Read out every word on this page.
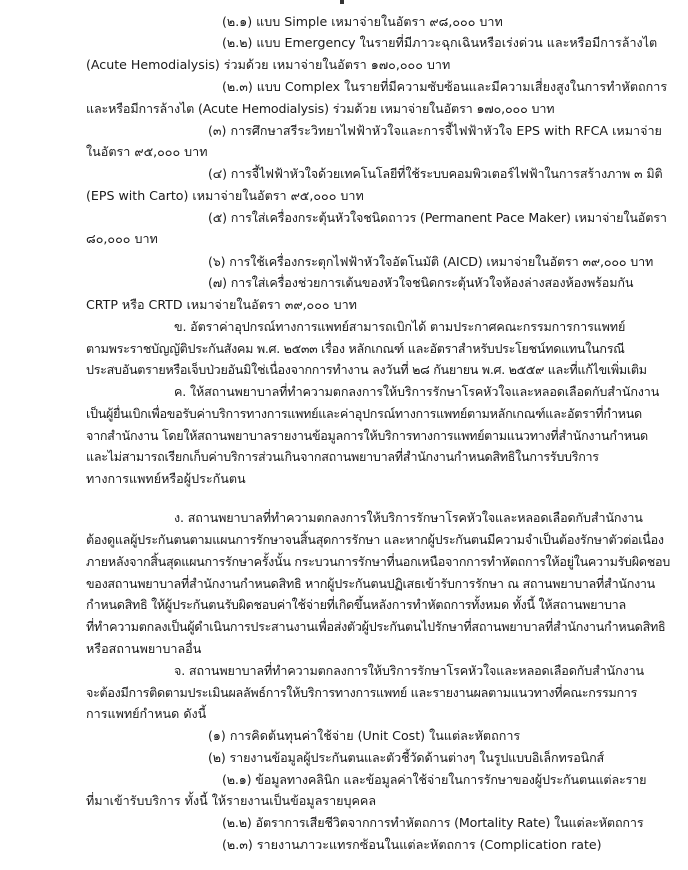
(๒.๑) แบบ Simple เหมาจ่ายในอัตรา ๙๘,๐๐๐ บาท
(๒.๒) แบบ Emergency ในรายที่มีภาวะฉุกเฉินหรือเร่งด่วน และหรือมีการล้างไต
(Acute Hemodialysis) ร่วมด้วย เหมาจ่ายในอัตรา ๑๗๐,๐๐๐ บาท
(๒.๓) แบบ Complex ในรายที่มีความซับซ้อนและมีความเสี่ยงสูงในการทำหัตถการ
และหรือมีการล้างไต (Acute Hemodialysis) ร่วมด้วย เหมาจ่ายในอัตรา ๑๗๐,๐๐๐ บาท
(๓) การศึกษาสรีระวิทยาไฟฟ้าหัวใจและการจี้ไฟฟ้าหัวใจ EPS with RFCA เหมาจ่าย
ในอัตรา ๙๕,๐๐๐ บาท
(๔) การจี้ไฟฟ้าหัวใจด้วยเทคโนโลยีที่ใช้ระบบคอมพิวเตอร์ไฟฟ้าในการสร้างภาพ ๓ มิติ
(EPS with Carto) เหมาจ่ายในอัตรา ๙๕,๐๐๐ บาท
(๕) การใส่เครื่องกระตุ้นหัวใจชนิดถาวร (Permanent Pace Maker) เหมาจ่ายในอัตรา
๘๐,๐๐๐ บาท
(๖) การใช้เครื่องกระตุกไฟฟ้าหัวใจอัตโนมัติ (AICD) เหมาจ่ายในอัตรา ๓๙,๐๐๐ บาท
(๗) การใส่เครื่องช่วยการเต้นของหัวใจชนิดกระตุ้นหัวใจห้องล่างสองห้องพร้อมกัน
CRTP หรือ CRTD เหมาจ่ายในอัตรา ๓๙,๐๐๐ บาท
ข. อัตราค่าอุปกรณ์ทางการแพทย์สามารถเบิกได้ ตามประกาศคณะกรรมการการแพทย์
ตามพระราชบัญญัติประกันสังคม พ.ศ. ๒๕๓๓ เรื่อง หลักเกณฑ์ และอัตราสำหรับประโยชน์ทดแทนในกรณี
ประสบอันตรายหรือเจ็บป่วยอันมิใช่เนื่องจากการทำงาน ลงวันที่ ๒๘ กันยายน พ.ศ. ๒๕๕๙ และที่แก้ไขเพิ่มเติม
ค. ให้สถานพยาบาลที่ทำความตกลงการให้บริการรักษาโรคหัวใจและหลอดเลือดกับสำนักงาน
เป็นผู้ยื่นเบิกเพื่อขอรับค่าบริการทางการแพทย์และค่าอุปกรณ์ทางการแพทย์ตามหลักเกณฑ์และอัตราที่กำหนด
จากสำนักงาน โดยให้สถานพยาบาลรายงานข้อมูลการให้บริการทางการแพทย์ตามแนวทางที่สำนักงานกำหนด
และไม่สามารถเรียกเก็บค่าบริการส่วนเกินจากสถานพยาบาลที่สำนักงานกำหนดสิทธิในการรับบริการ
ทางการแพทย์หรือผู้ประกันตน
ง. สถานพยาบาลที่ทำความตกลงการให้บริการรักษาโรคหัวใจและหลอดเลือดกับสำนักงาน
ต้องดูแลผู้ประกันตนตามแผนการรักษาจนสิ้นสุดการรักษา และหากผู้ประกันตนมีความจำเป็นต้องรักษาตัวต่อเนื่อง
ภายหลังจากสิ้นสุดแผนการรักษาครั้งนั้น กระบวนการรักษาที่นอกเหนือจากการทำหัตถการให้อยู่ในความรับผิดชอบ
ของสถานพยาบาลที่สำนักงานกำหนดสิทธิ หากผู้ประกันตนปฏิเสธเข้ารับการรักษา ณ สถานพยาบาลที่สำนักงาน
กำหนดสิทธิ ให้ผู้ประกันตนรับผิดชอบค่าใช้จ่ายที่เกิดขึ้นหลังการทำหัตถการทั้งหมด ทั้งนี้ ให้สถานพยาบาล
ที่ทำความตกลงเป็นผู้ดำเนินการประสานงานเพื่อส่งตัวผู้ประกันตนไปรักษาที่สถานพยาบาลที่สำนักงานกำหนดสิทธิ
หรือสถานพยาบาลอื่น
จ. สถานพยาบาลที่ทำความตกลงการให้บริการรักษาโรคหัวใจและหลอดเลือดกับสำนักงาน
จะต้องมีการติดตามประเมินผลลัพธ์การให้บริการทางการแพทย์ และรายงานผลตามแนวทางที่คณะกรรมการ
การแพทย์กำหนด ดังนี้
(๑) การคิดต้นทุนค่าใช้จ่าย (Unit Cost) ในแต่ละหัตถการ
(๒) รายงานข้อมูลผู้ประกันตนและตัวชี้วัดด้านต่างๆ ในรูปแบบอิเล็กทรอนิกส์
(๒.๑) ข้อมูลทางคลินิก และข้อมูลค่าใช้จ่ายในการรักษาของผู้ประกันตนแต่ละราย
ที่มาเข้ารับบริการ ทั้งนี้ ให้รายงานเป็นข้อมูลรายบุคคล
(๒.๒) อัตราการเสียชีวิตจากการทำหัตถการ (Mortality Rate) ในแต่ละหัตถการ
(๒.๓) รายงานภาวะแทรกซ้อนในแต่ละหัตถการ (Complication rate)
